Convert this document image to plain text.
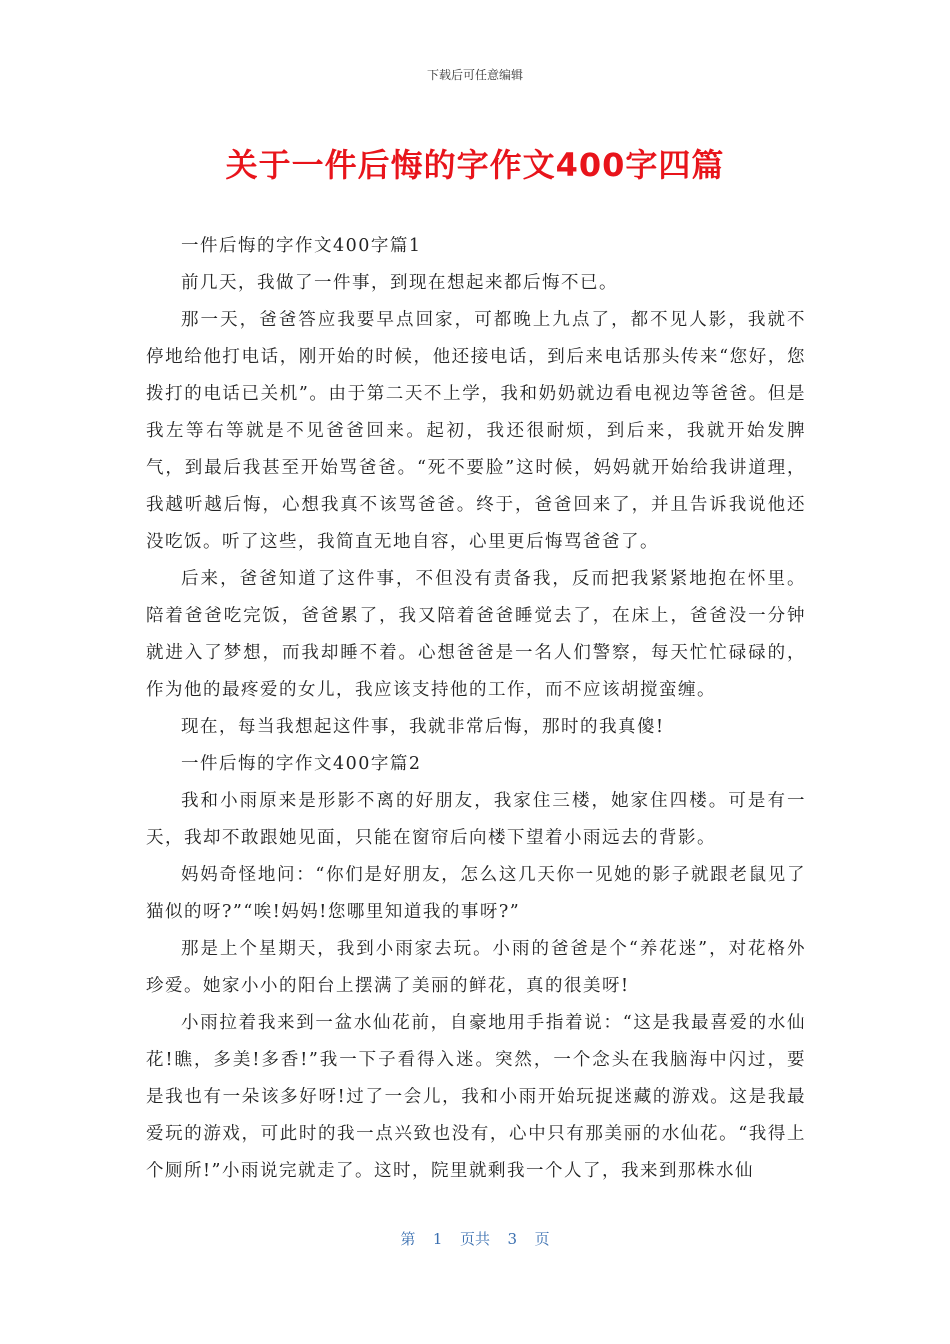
下载后可任意编辑
关于一件后悔的字作文400字四篇

一件后悔的字作文400字篇1

前几天，我做了一件事，到现在想起来都后悔不已。

那一天，爸爸答应我要早点回家，可都晚上九点了，都不见人影，我就不停地给他打电话，刚开始的时候，他还接电话，到后来电话那头传来“您好，您拨打的电话已关机”。由于第二天不上学，我和奶奶就边看电视边等爸爸。但是我左等右等就是不见爸爸回来。起初，我还很耐烦，到后来，我就开始发脾气，到最后我甚至开始骂爸爸。“死不要脸”这时候，妈妈就开始给我讲道理，我越听越后悔，心想我真不该骂爸爸。终于，爸爸回来了，并且告诉我说他还没吃饭。听了这些，我简直无地自容，心里更后悔骂爸爸了。

后来，爸爸知道了这件事，不但没有责备我，反而把我紧紧地抱在怀里。陪着爸爸吃完饭，爸爸累了，我又陪着爸爸睡觉去了，在床上，爸爸没一分钟就进入了梦想，而我却睡不着。心想爸爸是一名人们警察，每天忙忙碌碌的，作为他的最疼爱的女儿，我应该支持他的工作，而不应该胡搅蛮缠。

现在，每当我想起这件事，我就非常后悔，那时的我真傻!

一件后悔的字作文400字篇2

我和小雨原来是形影不离的好朋友，我家住三楼，她家住四楼。可是有一天，我却不敢跟她见面，只能在窗帘后向楼下望着小雨远去的背影。

妈妈奇怪地问：“你们是好朋友，怎么这几天你一见她的影子就跟老鼠见了猫似的呀?”“唉!妈妈!您哪里知道我的事呀?”

那是上个星期天，我到小雨家去玩。小雨的爸爸是个“养花迷”，对花格外珍爱。她家小小的阳台上摆满了美丽的鲜花，真的很美呀!

小雨拉着我来到一盆水仙花前，自豪地用手指着说：“这是我最喜爱的水仙花!瞧，多美!多香!”我一下子看得入迷。突然，一个念头在我脑海中闪过，要是我也有一朵该多好呀!过了一会儿，我和小雨开始玩捉迷藏的游戏。这是我最爱玩的游戏，可此时的我一点兴致也没有，心中只有那美丽的水仙花。“我得上个厕所!”小雨说完就走了。这时，院里就剩我一个人了，我来到那株水仙

第  1  页共  3  页
